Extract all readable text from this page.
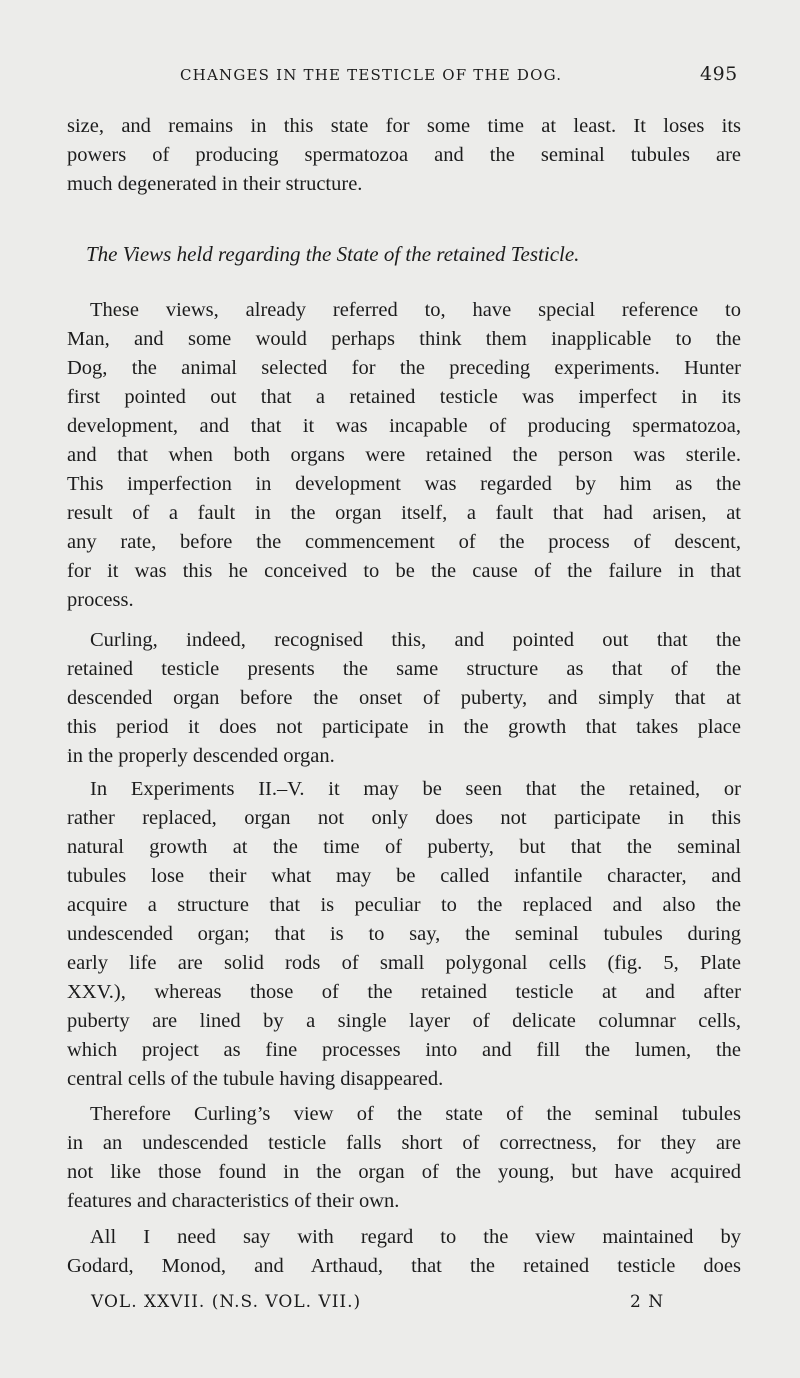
CHANGES IN THE TESTICLE OF THE DOG.	495
The Views held regarding the State of the retained Testicle.
size, and remains in this state for some time at least. It loses its
powers of producing spermatozoa and the seminal tubules are
much degenerated in their structure.
These views, already referred to, have special reference to
Man, and some would perhaps think them inapplicable to the
Dog, the animal selected for the preceding experiments. Hunter
first pointed out that a retained testicle was imperfect in its
development, and that it was incapable of producing spermatozoa,
and that when both organs were retained the person was sterile.
This imperfection in development was regarded by him as the
result of a fault in the organ itself, a fault that had arisen, at
any rate, before the commencement of the process of descent,
for it was this he conceived to be the cause of the failure in that
process.
Curling, indeed, recognised this, and pointed out that the
retained testicle presents the same structure as that of the
descended organ before the onset of puberty, and simply that at
this period it does not participate in the growth that takes place
in the properly descended organ.
In Experiments II.–V. it may be seen that the retained, or
rather replaced, organ not only does not participate in this
natural growth at the time of puberty, but that the seminal
tubules lose their what may be called infantile character, and
acquire a structure that is peculiar to the replaced and also the
undescended organ; that is to say, the seminal tubules during
early life are solid rods of small polygonal cells (fig. 5, Plate
XXV.), whereas those of the retained testicle at and after
puberty are lined by a single layer of delicate columnar cells,
which project as fine processes into and fill the lumen, the
central cells of the tubule having disappeared.
Therefore Curling’s view of the state of the seminal tubules
in an undescended testicle falls short of correctness, for they are
not like those found in the organ of the young, but have acquired
features and characteristics of their own.
All I need say with regard to the view maintained by
Godard, Monod, and Arthaud, that the retained testicle does
VOL. XXVII. (N.S. VOL. VII.)	2 N
